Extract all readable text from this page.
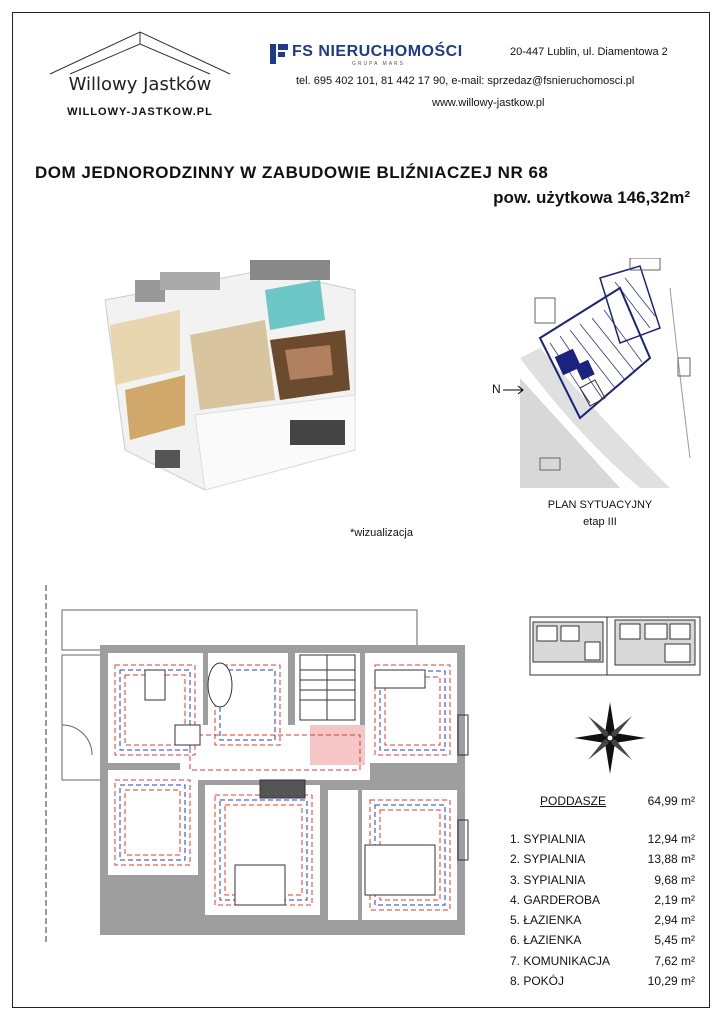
Willowy Jastków
WILLOWY-JASTKOW.PL
FS NIERUCHOMOŚCI
GRUPA MARS
20-447 Lublin, ul. Diamentowa 2
tel. 695 402 101, 81 442 17 90, e-mail: sprzedaz@fsnieruchomosci.pl
www.willowy-jastkow.pl
DOM JEDNORODZINNY W ZABUDOWIE BLIŹNIACZEJ NR 68
pow. użytkowa 146,32m²
*wizualizacja
N
PLAN SYTUACYJNY
etap III
PODDASZE	64,99 m²
1. SYPIALNIA	12,94 m²
2. SYPIALNIA	13,88 m²
3. SYPIALNIA	9,68 m²
4. GARDEROBA	2,19 m²
5. ŁAZIENKA	2,94 m²
6. ŁAZIENKA	5,45 m²
7. KOMUNIKACJA	7,62 m²
8. POKÓJ	10,29 m²
